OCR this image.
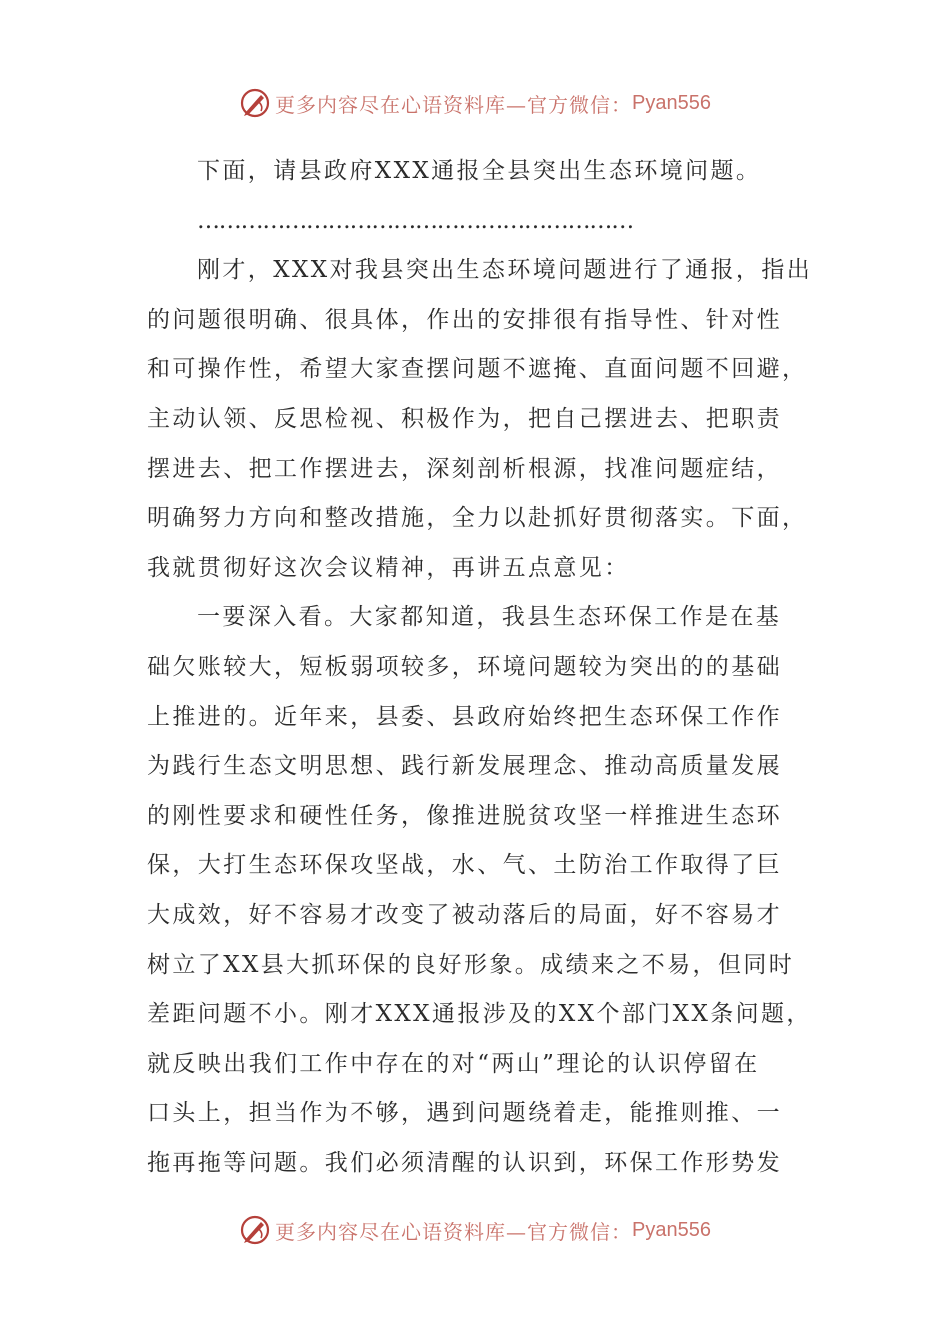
更多内容尽在心语资料库—官方微信： Pyan556
下面，请县政府XXX通报全县突出生态环境问题。
……………………………………………………
刚才，XXX对我县突出生态环境问题进行了通报，指出
的问题很明确、很具体，作出的安排很有指导性、针对性
和可操作性，希望大家查摆问题不遮掩、直面问题不回避，
主动认领、反思检视、积极作为，把自己摆进去、把职责
摆进去、把工作摆进去，深刻剖析根源，找准问题症结，
明确努力方向和整改措施，全力以赴抓好贯彻落实。下面，
我就贯彻好这次会议精神，再讲五点意见：
一要深入看。大家都知道，我县生态环保工作是在基
础欠账较大，短板弱项较多，环境问题较为突出的的基础
上推进的。近年来，县委、县政府始终把生态环保工作作
为践行生态文明思想、践行新发展理念、推动高质量发展
的刚性要求和硬性任务，像推进脱贫攻坚一样推进生态环
保，大打生态环保攻坚战，水、气、土防治工作取得了巨
大成效，好不容易才改变了被动落后的局面，好不容易才
树立了XX县大抓环保的良好形象。成绩来之不易，但同时
差距问题不小。刚才XXX通报涉及的XX个部门XX条问题，
就反映出我们工作中存在的对“两山”理论的认识停留在
口头上，担当作为不够，遇到问题绕着走，能推则推、一
拖再拖等问题。我们必须清醒的认识到，环保工作形势发
更多内容尽在心语资料库—官方微信： Pyan556
